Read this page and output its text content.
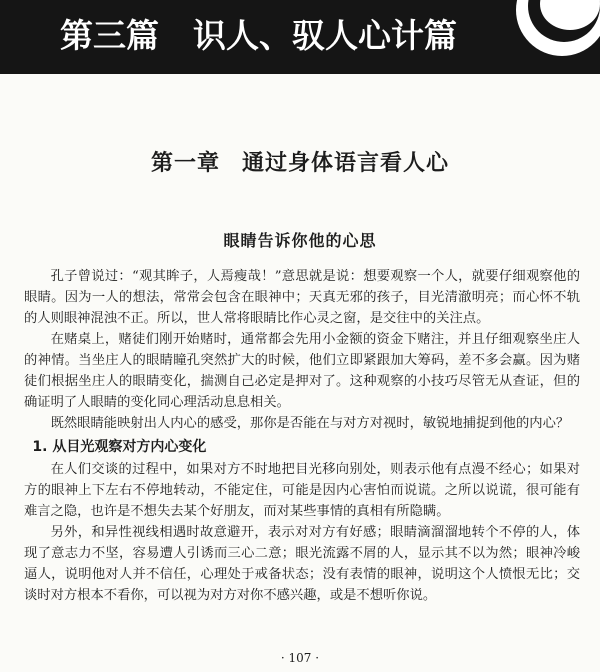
第三篇 识人、驭人心计篇
第一章 通过身体语言看人心
眼睛告诉你他的心思

孔子曾说过：“观其眸子，人焉瘦哉！”意思就是说：想要观察一个人，就要仔细观察他的眼睛。因为一人的想法，常常会包含在眼神中；天真无邪的孩子，目光清澈明亮；而心怀不轨的人则眼神混浊不正。所以，世人常将眼睛比作心灵之窗，是交往中的关注点。

在赌桌上，赌徒们刚开始赌时，通常都会先用小金额的资金下赌注，并且仔细观察坐庄人的神情。当坐庄人的眼睛瞳孔突然扩大的时候，他们立即紧跟加大筹码，差不多会赢。因为赌徒们根据坐庄人的眼睛变化，揣测自己必定是押对了。这种观察的小技巧尽管无从查证，但的确证明了人眼睛的变化同心理活动息息相关。

既然眼睛能映射出人内心的感受，那你是否能在与对方对视时，敏锐地捕捉到他的内心？

1. 从目光观察对方内心变化

在人们交谈的过程中，如果对方不时地把目光移向别处，则表示他有点漫不经心；如果对方的眼神上下左右不停地转动，不能定住，可能是因内心害怕而说谎。之所以说谎，很可能有难言之隐，也许是不想失去某个好朋友，而对某些事情的真相有所隐瞒。

另外，和异性视线相遇时故意避开，表示对对方有好感；眼睛滴溜溜地转个不停的人，体现了意志力不坚，容易遭人引诱而三心二意；眼光流露不屑的人，显示其不以为然；眼神冷峻逼人，说明他对人并不信任，心理处于戒备状态；没有表情的眼神，说明这个人愤恨无比；交谈时对方根本不看你，可以视为对方对你不感兴趣，或是不想听你说。

· 107 ·
